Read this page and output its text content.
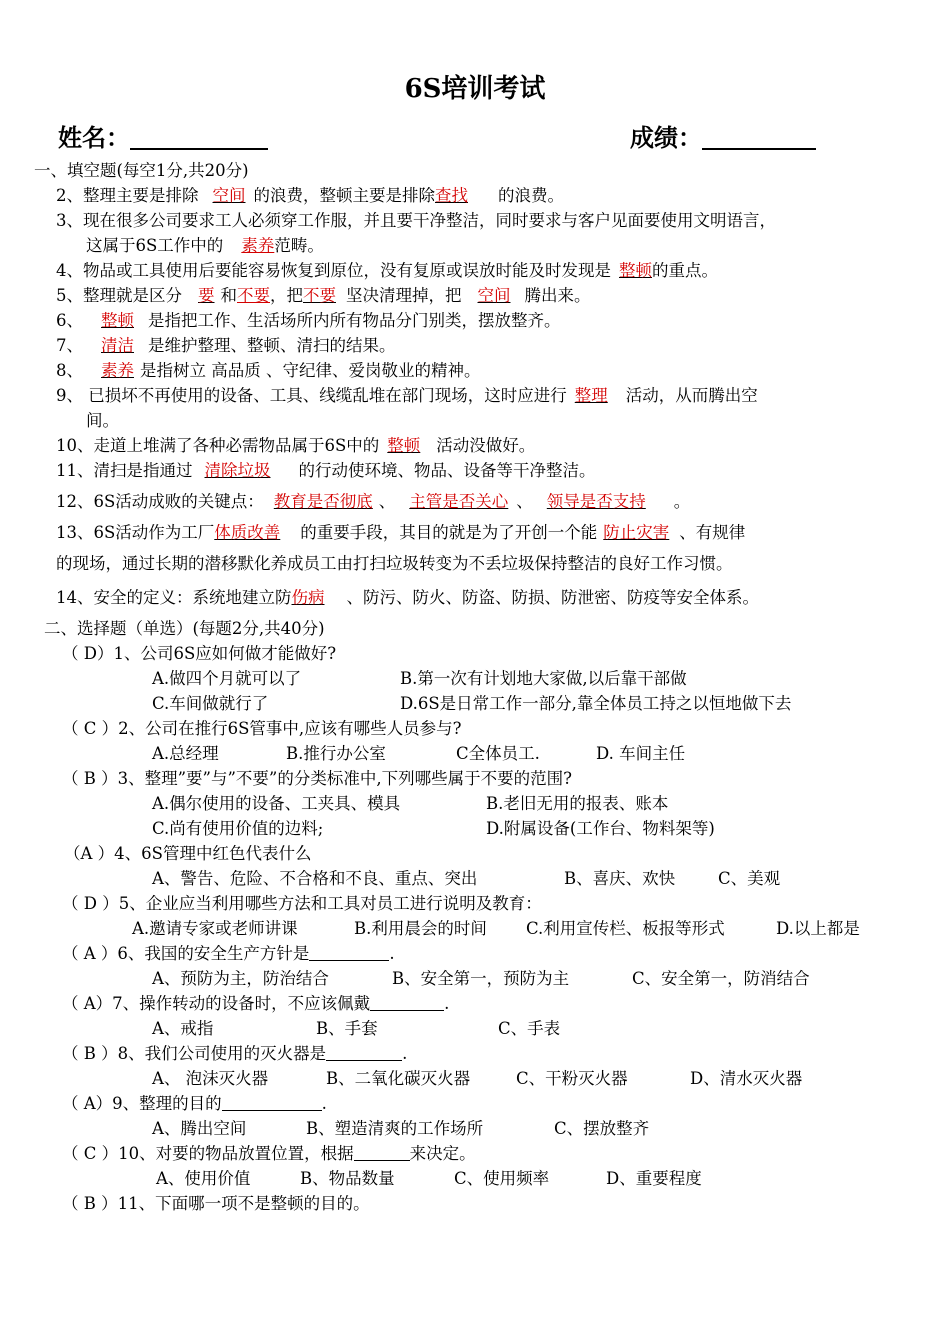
6S培训考试
姓名：	成绩：
一、填空题(每空1分,共20分)
2、整理主要是排除 空间 的浪费，整顿主要是排除查找 的浪费。
3、现在很多公司要求工人必须穿工作服，并且要干净整洁，同时要求与客户见面要使用文明语言，
这属于6S工作中的 素养范畴。
4、物品或工具使用后要能容易恢复到原位，没有复原或误放时能及时发现是 整顿的重点。
5、整理就是区分 要 和不要，把不要 坚决清理掉，把 空间 腾出来。
6、 整顿 是指把工作、生活场所内所有物品分门别类，摆放整齐。
7、 清洁 是维护整理、整顿、清扫的结果。
8、 素养 是指树立 高品质 、守纪律、爱岗敬业的精神。
9、 已损坏不再使用的设备、工具、线缆乱堆在部门现场，这时应进行 整理 活动，从而腾出空
间。
10、走道上堆满了各种必需物品属于6S中的 整顿 活动没做好。
11、清扫是指通过 清除垃圾 的行动使环境、物品、设备等干净整洁。
12、6S活动成败的关键点： 教育是否彻底 、 主管是否关心 、 领导是否支持 。
13、6S活动作为工厂体质改善 的重要手段，其目的就是为了开创一个能 防止灾害 、有规律
的现场，通过长期的潜移默化养成员工由打扫垃圾转变为不丢垃圾保持整洁的良好工作习惯。
14、安全的定义：系统地建立防伤病 、防污、防火、防盗、防损、防泄密、防疫等安全体系。
二、选择题（单选）(每题2分,共40分)
（ D）1、公司6S应如何做才能做好?
A.做四个月就可以了	B.第一次有计划地大家做,以后靠干部做
C.车间做就行了	D.6S是日常工作一部分,靠全体员工持之以恒地做下去
（ C ）2、公司在推行6S管事中,应该有哪些人员参与?
A.总经理	B.推行办公室	C全体员工.	D. 车间主任
（ B ）3、整理”要”与”不要”的分类标准中,下列哪些属于不要的范围?
A.偶尔使用的设备、工夹具、模具	B.老旧无用的报表、账本
C.尚有使用价值的边料;	D.附属设备(工作台、物料架等)
（A ）4、6S管理中红色代表什么
A、警告、危险、不合格和不良、重点、突出	B、喜庆、欢快	C、美观
（ D ）5、企业应当利用哪些方法和工具对员工进行说明及教育：
A.邀请专家或老师讲课	B.利用晨会的时间 C.利用宣传栏、板报等形式	D.以上都是
（ A ）6、我国的安全生产方针是	.
A、预防为主，防治结合	B、安全第一，预防为主	C、安全第一，防消结合
（ A）7、操作转动的设备时，不应该佩戴	.
A、戒指	B、手套	C、手表
（ B ）8、我们公司使用的灭火器是	.
A、 泡沫灭火器	B、二氧化碳灭火器	C、干粉灭火器	D、清水灭火器
（ A）9、整理的目的	.
A、腾出空间	B、塑造清爽的工作场所	C、摆放整齐
（ C ）10、对要的物品放置位置，根据	来决定。
A、使用价值	B、物品数量	C、使用频率	D、重要程度
（ B ）11、下面哪一项不是整顿的目的。
